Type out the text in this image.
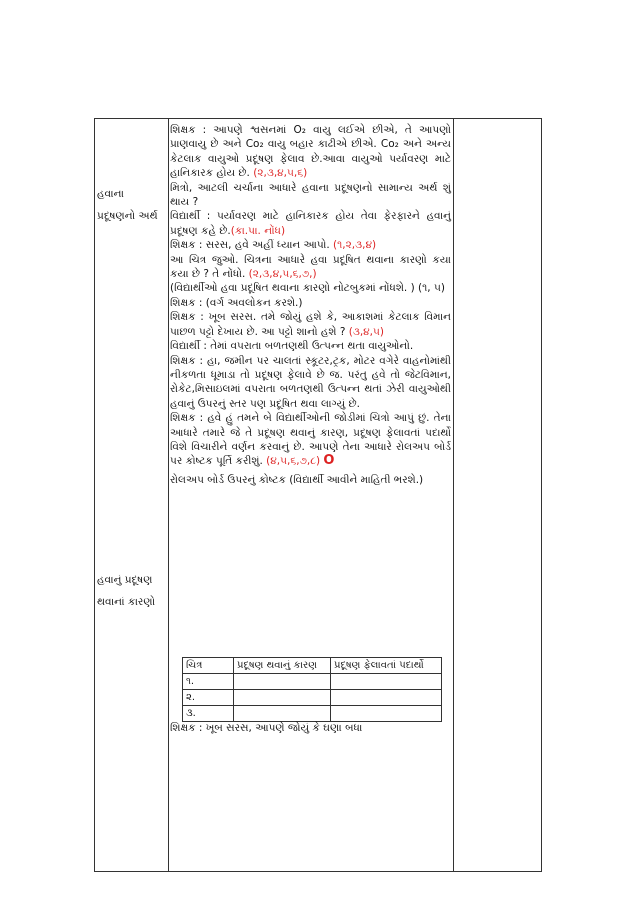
હવાના
પ્રદૂષણનો અર્થ
હવાનું પ્રદૂષણ
થવાનાં કારણો

શિક્ષક : આપણે શ્વસનમાં O₂ વાયુ લઈએ છીએ, તે આપણો પ્રાણવાયુ છે અને Co₂ વાયુ બહાર કાઢીએ છીએ. Co₂ અને અન્ય કેટલાક વાયુઓ પ્રદૂષણ ફેલાવ છે.આવા વાયુઓ પર્યાવરણ માટે હાનિકારક હોય છે. (૨,૩,૪,૫,૬)

મિત્રો, આટલી ચર્ચાના આધારે હવાના પ્રદૂષણનો સામાન્ય અર્થ શું થાય ?

વિદ્યાર્થી : પર્યાવરણ માટે હાનિકારક હોય તેવા ફેરફારને હવાનું પ્રદૂષણ કહે છે.(કા.પા. નોંધ)

શિક્ષક : સરસ, હવે અહીં ધ્યાન આપો. (૧,૨,૩,૪)

આ ચિત્ર જુઓ. ચિત્રના આધારે હવા પ્રદૂષિત થવાના કારણો કયા કયા છે ? તે નોંધો. (૨,૩,૪,૫,૬,૭,)

(વિદ્યાર્થીઓ હવા પ્રદૂષિત થવાના કારણો નોટબુકમાં નોંધશે. ) (૧, ૫)

શિક્ષક : (વર્ગ અવલોકન કરશે.)

શિક્ષક : ખૂબ સરસ. તમે જોયું હશે કે, આકાશમાં કેટલાક વિમાન પાછળ પટ્ટો દેખાય છે. આ પટ્ટો શાનો હશે ? (૩,૪,૫)

વિદ્યાર્થી : તેમાં વપરાતા બળતણથી ઉત્પન્ન થતા વાયુઓનો.

શિક્ષક : હા, જમીન પર ચાલતાં સ્કૂટર,ટ્રક, મોટર વગેરે વાહનોમાંથી નીકળતા ધૂમાડા તો પ્રદૂષણ ફેલાવે છે જ. પરંતુ હવે તો જેટવિમાન, રોકેટ,મિસાઇલમાં વપરાતા બળતણથી ઉત્પન્ન થતાં ઝેરી વાયુઓથી હવાનું ઉપરનું સ્તર પણ પ્રદૂષિત થવા લાગ્યું છે.

શિક્ષક : હવે હું તમને બે વિદ્યાર્થીઓની જોડીમાં ચિત્રો આપું છું. તેના આધારે તમારે જે તે પ્રદૂષણ થવાનું કારણ, પ્રદૂષણ ફેલાવતાં પદાર્થો વિશે વિચારીને વર્ણન કરવાનું છે. આપણે તેના આધારે રોલઅપ બોર્ડ પર કોષ્ટક પૂર્તિ કરીશું. (૪,૫,૬,૭,૮) O

રોલઅપ બોર્ડ ઉપરનું કોષ્ટક (વિદ્યાર્થી આવીને માહિતી ભરશે.)

ચિત્ર	પ્રદૂષણ થવાનું કારણ	પ્રદૂષણ ફેલાવતાં પદાર્થો
૧.		
૨.		
૩.		
શિક્ષક : ખૂબ સરસ, આપણે જોયું કે ઘણા બધા
